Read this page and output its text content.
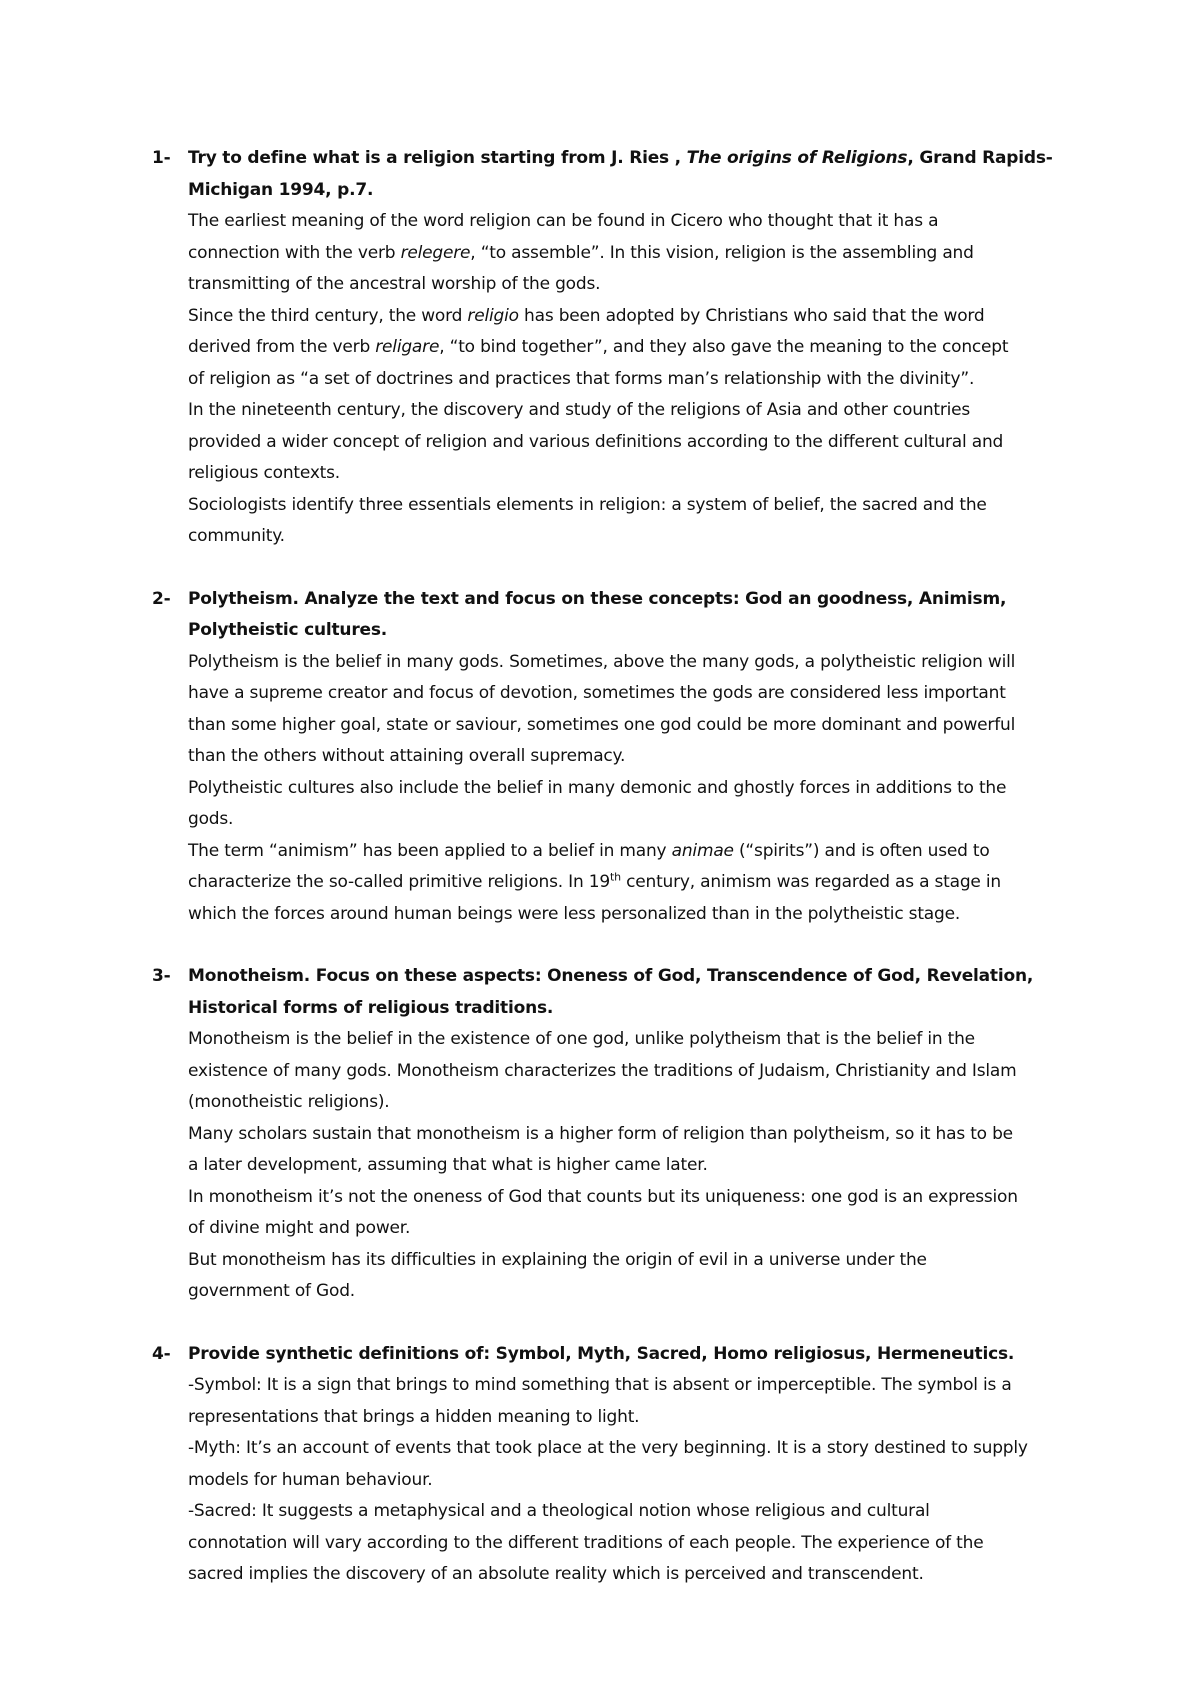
1- Try to define what is a religion starting from J. Ries , The origins of Religions, Grand Rapids-
Michigan 1994, p.7.
The earliest meaning of the word religion can be found in Cicero who thought that it has a
connection with the verb relegere, “to assemble”. In this vision, religion is the assembling and
transmitting of the ancestral worship of the gods.
Since the third century, the word religio has been adopted by Christians who said that the word
derived from the verb religare, “to bind together”, and they also gave the meaning to the concept
of religion as “a set of doctrines and practices that forms man’s relationship with the divinity”.
In the nineteenth century, the discovery and study of the religions of Asia and other countries
provided a wider concept of religion and various definitions according to the different cultural and
religious contexts.
Sociologists identify three essentials elements in religion: a system of belief, the sacred and the
community.
2- Polytheism. Analyze the text and focus on these concepts: God an goodness, Animism,
Polytheistic cultures.
Polytheism is the belief in many gods. Sometimes, above the many gods, a polytheistic religion will
have a supreme creator and focus of devotion, sometimes the gods are considered less important
than some higher goal, state or saviour, sometimes one god could be more dominant and powerful
than the others without attaining overall supremacy.
Polytheistic cultures also include the belief in many demonic and ghostly forces in additions to the
gods.
The term “animism” has been applied to a belief in many animae (“spirits”) and is often used to
characterize the so-called primitive religions. In 19th century, animism was regarded as a stage in
which the forces around human beings were less personalized than in the polytheistic stage.
3- Monotheism. Focus on these aspects: Oneness of God, Transcendence of God, Revelation,
Historical forms of religious traditions.
Monotheism is the belief in the existence of one god, unlike polytheism that is the belief in the
existence of many gods. Monotheism characterizes the traditions of Judaism, Christianity and Islam
(monotheistic religions).
Many scholars sustain that monotheism is a higher form of religion than polytheism, so it has to be
a later development, assuming that what is higher came later.
In monotheism it’s not the oneness of God that counts but its uniqueness: one god is an expression
of divine might and power.
But monotheism has its difficulties in explaining the origin of evil in a universe under the
government of God.
4- Provide synthetic definitions of: Symbol, Myth, Sacred, Homo religiosus, Hermeneutics.
-Symbol: It is a sign that brings to mind something that is absent or imperceptible. The symbol is a
representations that brings a hidden meaning to light.
-Myth: It’s an account of events that took place at the very beginning. It is a story destined to supply
models for human behaviour.
-Sacred: It suggests a metaphysical and a theological notion whose religious and cultural
connotation will vary according to the different traditions of each people. The experience of the
sacred implies the discovery of an absolute reality which is perceived and transcendent.
